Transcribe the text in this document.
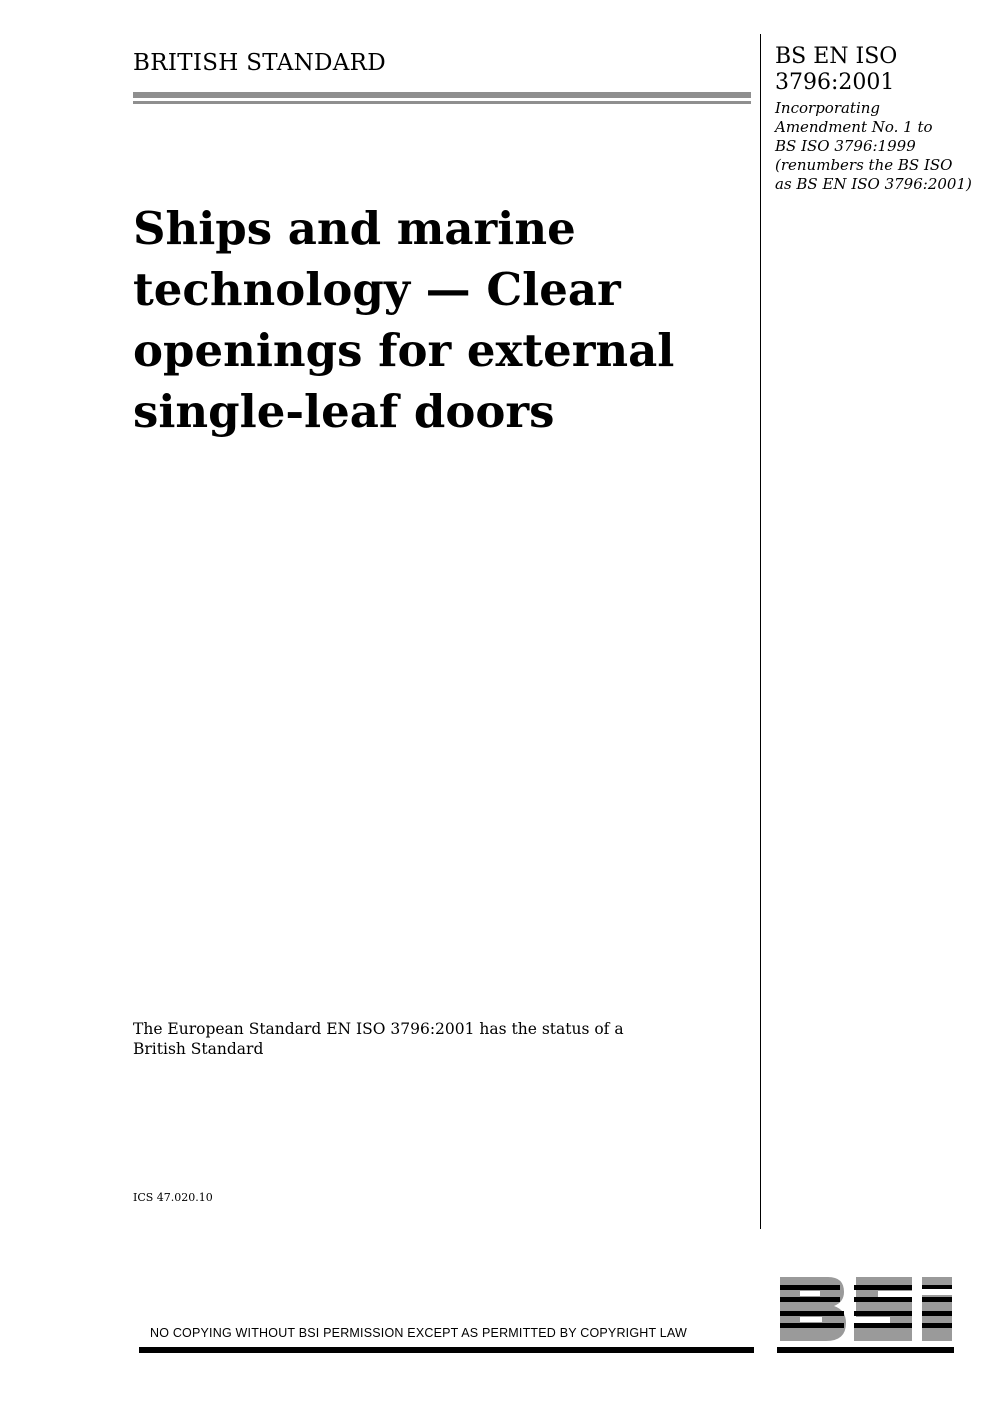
BRITISH STANDARD	BS EN ISO
3796:2001
Incorporating
Amendment No. 1 to
BS ISO 3796:1999
(renumbers the BS ISO
as BS EN ISO 3796:2001)
Ships and marine
technology — Clear
openings for external
single-leaf doors
The European Standard EN ISO 3796:2001 has the status of a
British Standard
ICS 47.020.10
NO COPYING WITHOUT BSI PERMISSION EXCEPT AS PERMITTED BY COPYRIGHT LAW
